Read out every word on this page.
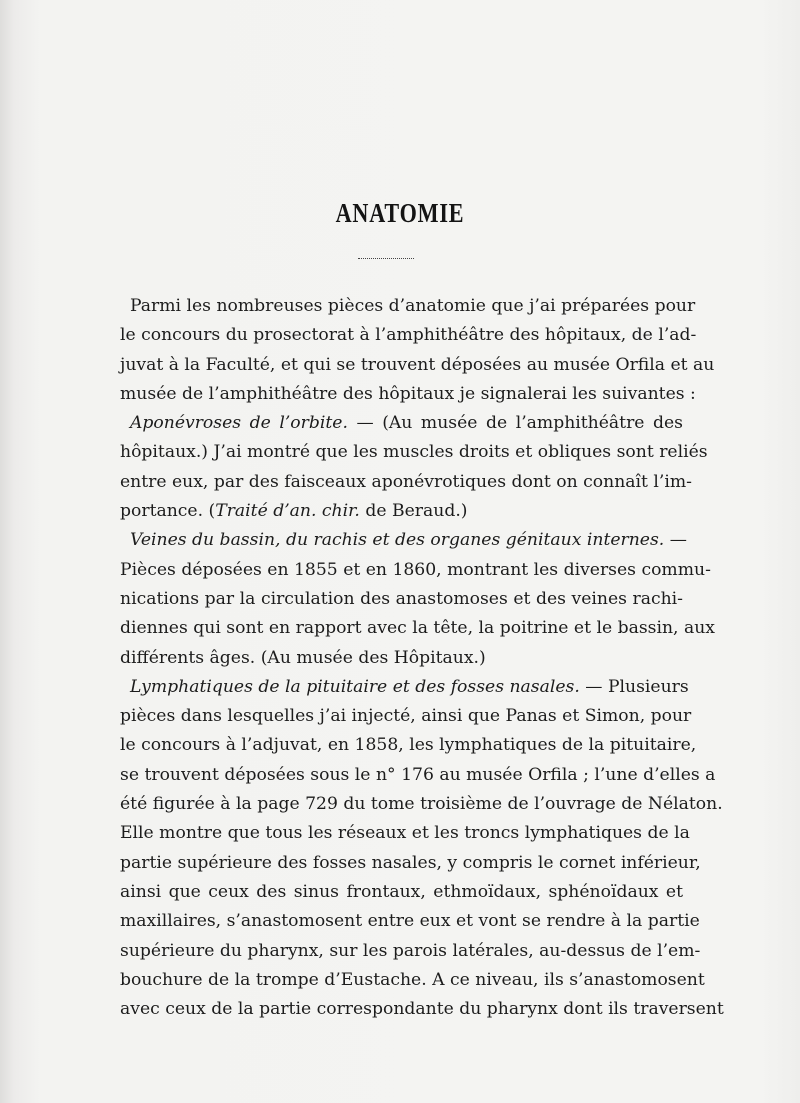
ANATOMIE
Parmi les nombreuses pièces d’anatomie que j’ai préparées pour
le concours du prosectorat à l’amphithéâtre des hôpitaux, de l’ad-
juvat à la Faculté, et qui se trouvent déposées au musée Orfila et au
musée de l’amphithéâtre des hôpitaux je signalerai les suivantes :
Aponévroses de l’orbite. — (Au musée de l’amphithéâtre des
hôpitaux.) J’ai montré que les muscles droits et obliques sont reliés
entre eux, par des faisceaux aponévrotiques dont on connaît l’im-
portance. (Traité d’an. chir. de Beraud.)
Veines du bassin, du rachis et des organes génitaux internes. —
Pièces déposées en 1855 et en 1860, montrant les diverses commu-
nications par la circulation des anastomoses et des veines rachi-
diennes qui sont en rapport avec la tête, la poitrine et le bassin, aux
différents âges. (Au musée des Hôpitaux.)
Lymphatiques de la pituitaire et des fosses nasales. — Plusieurs
pièces dans lesquelles j’ai injecté, ainsi que Panas et Simon, pour
le concours à l’adjuvat, en 1858, les lymphatiques de la pituitaire,
se trouvent déposées sous le n° 176 au musée Orfila ; l’une d’elles a
été figurée à la page 729 du tome troisième de l’ouvrage de Nélaton.
Elle montre que tous les réseaux et les troncs lymphatiques de la
partie supérieure des fosses nasales, y compris le cornet inférieur,
ainsi que ceux des sinus frontaux, ethmoïdaux, sphénoïdaux et
maxillaires, s’anastomosent entre eux et vont se rendre à la partie
supérieure du pharynx, sur les parois latérales, au-dessus de l’em-
bouchure de la trompe d’Eustache. A ce niveau, ils s’anastomosent
avec ceux de la partie correspondante du pharynx dont ils traversent
